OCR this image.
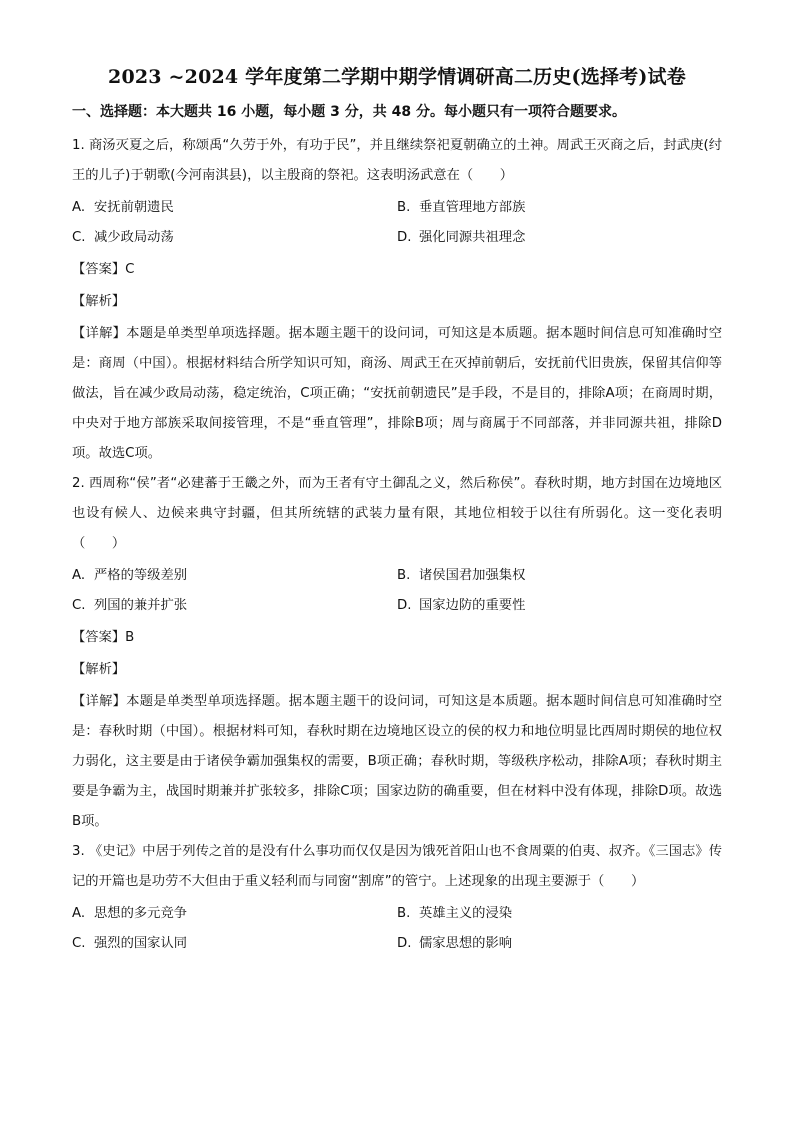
2023 ~2024 学年度第二学期中期学情调研高二历史(选择考)试卷
一、选择题：本大题共 16 小题，每小题 3 分，共 48 分。每小题只有一项符合题要求。

1. 商汤灭夏之后，称颂禹“久劳于外，有功于民”，并且继续祭祀夏朝确立的土神。周武王灭商之后，封武庚(纣王的儿子)于朝歌(今河南淇县)，以主殷商的祭祀。这表明汤武意在（　　）

A. 安抚前朝遗民	B. 垂直管理地方部族
C. 减少政局动荡	D. 强化同源共祖理念
【答案】C
【解析】

【详解】本题是单类型单项选择题。据本题主题干的设问词，可知这是本质题。据本题时间信息可知准确时空是：商周（中国）。根据材料结合所学知识可知，商汤、周武王在灭掉前朝后，安抚前代旧贵族，保留其信仰等做法，旨在减少政局动荡，稳定统治，C项正确；“安抚前朝遗民”是手段，不是目的，排除A项；在商周时期，中央对于地方部族采取间接管理，不是“垂直管理”，排除B项；周与商属于不同部落，并非同源共祖，排除D项。故选C项。

2. 西周称“侯”者“必建蕃于王畿之外，而为王者有守土御乱之义，然后称侯”。春秋时期，地方封国在边境地区也设有候人、边候来典守封疆，但其所统辖的武装力量有限，其地位相较于以往有所弱化。这一变化表明（　　）

A. 严格的等级差别	B. 诸侯国君加强集权
C. 列国的兼并扩张	D. 国家边防的重要性
【答案】B
【解析】

【详解】本题是单类型单项选择题。据本题主题干的设问词，可知这是本质题。据本题时间信息可知准确时空是：春秋时期（中国）。根据材料可知，春秋时期在边境地区设立的侯的权力和地位明显比西周时期侯的地位权力弱化，这主要是由于诸侯争霸加强集权的需要，B项正确；春秋时期，等级秩序松动，排除A项；春秋时期主要是争霸为主，战国时期兼并扩张较多，排除C项；国家边防的确重要，但在材料中没有体现，排除D项。故选B项。

3. 《史记》中居于列传之首的是没有什么事功而仅仅是因为饿死首阳山也不食周粟的伯夷、叔齐。《三国志》传记的开篇也是功劳不大但由于重义轻利而与同窗“割席”的管宁。上述现象的出现主要源于（　　）

A. 思想的多元竞争	B. 英雄主义的浸染
C. 强烈的国家认同	D. 儒家思想的影响
